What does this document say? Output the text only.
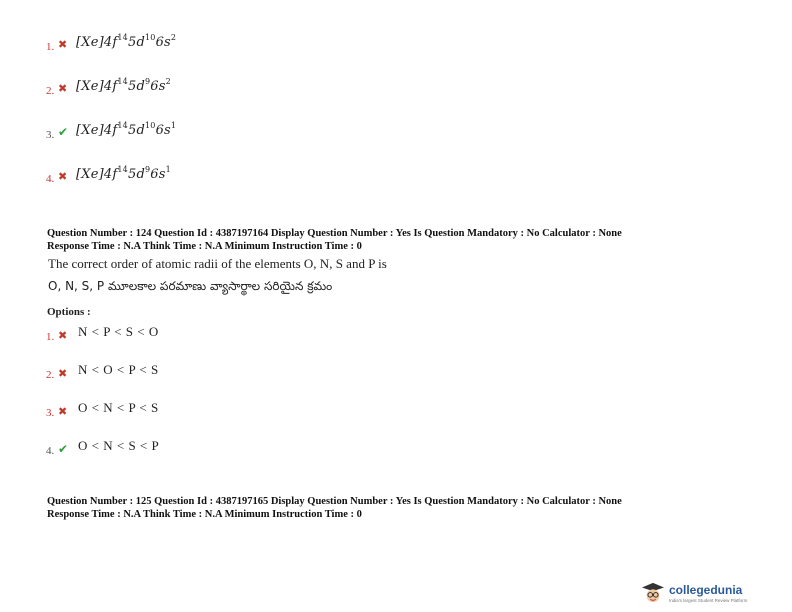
1. ✖ $[Xe]4f^{14}5d^{10}6s^2$
2. ✖ $[Xe]4f^{14}5d^96s^2$
3. ✔ $[Xe]4f^{14}5d^{10}6s^1$
4. ✖ $[Xe]4f^{14}5d^96s^1$
Question Number : 124 Question Id : 4387197164 Display Question Number : Yes Is Question Mandatory : No Calculator : None
Response Time : N.A Think Time : N.A Minimum Instruction Time : 0
The correct order of atomic radii of the elements O, N, S and P is
O, N, S, P మూలకాల పరమాణు వ్యాసార్థాల సరియైన క్రమం
Options :
1. ✖ N < P < S < O
2. ✖ N < O < P < S
3. ✖ O < N < P < S
4. ✔ O < N < S < P
Question Number : 125 Question Id : 4387197165 Display Question Number : Yes Is Question Mandatory : No Calculator : None
Response Time : N.A Think Time : N.A Minimum Instruction Time : 0
collegedunia
India's largest Student Review Platform
